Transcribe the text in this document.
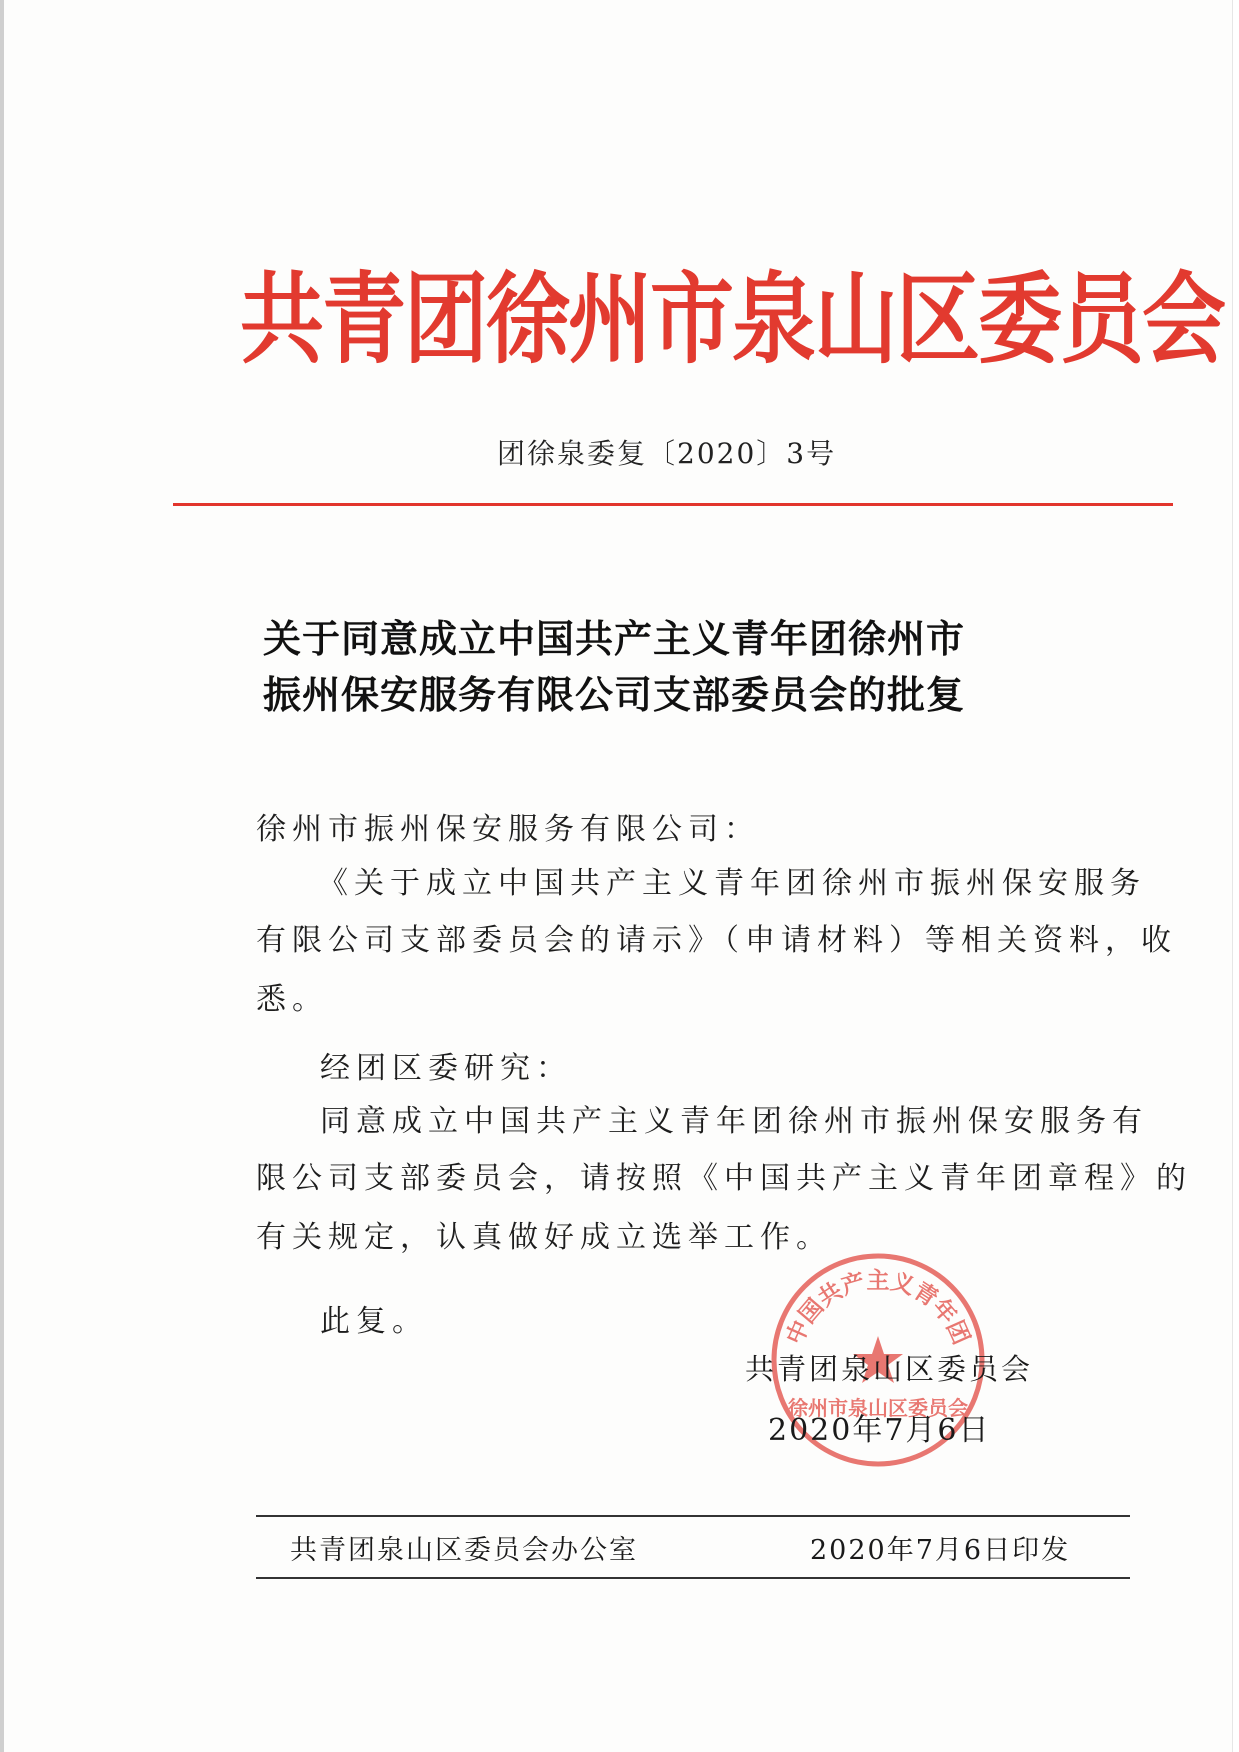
共青团徐州市泉山区委员会
团徐泉委复〔2020〕3号
关于同意成立中国共产主义青年团徐州市
振州保安服务有限公司支部委员会的批复
徐州市振州保安服务有限公司：
《关于成立中国共产主义青年团徐州市振州保安服务
有限公司支部委员会的请示》（申请材料）等相关资料，收
悉。
经团区委研究：
同意成立中国共产主义青年团徐州市振州保安服务有
限公司支部委员会，请按照《中国共产主义青年团章程》的
有关规定，认真做好成立选举工作。
此复。	中国共产主义青年团
徐州市泉山区委员会
共青团泉山区委员会
2020年7月6日
共青团泉山区委员会办公室	2020年7月6日印发
